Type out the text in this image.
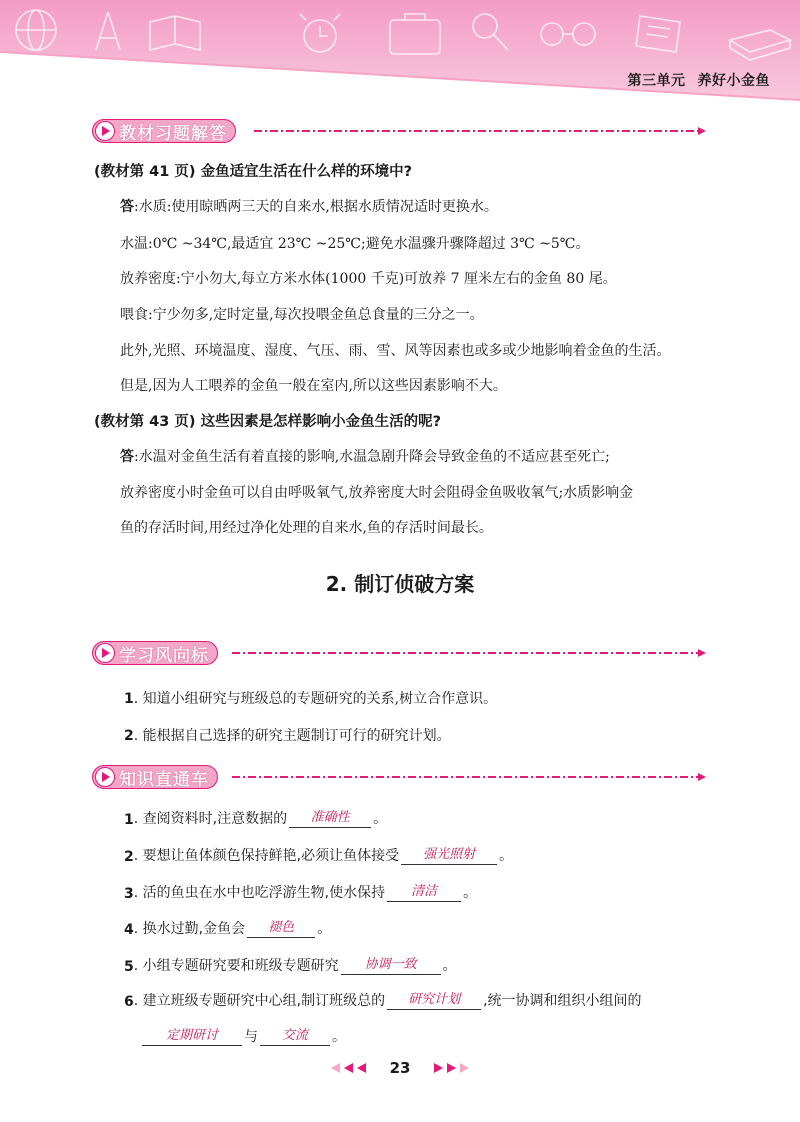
第三单元 养好小金鱼
教材习题解答
(教材第 41 页) 金鱼适宜生活在什么样的环境中?
答:水质:使用晾晒两三天的自来水,根据水质情况适时更换水。
水温:0℃ ~34℃,最适宜 23℃ ~25℃;避免水温骤升骤降超过 3℃ ~5℃。
放养密度:宁小勿大,每立方米水体(1000 千克)可放养 7 厘米左右的金鱼 80 尾。
喂食:宁少勿多,定时定量,每次投喂金鱼总食量的三分之一。
此外,光照、环境温度、湿度、气压、雨、雪、风等因素也或多或少地影响着金鱼的生活。
但是,因为人工喂养的金鱼一般在室内,所以这些因素影响不大。
(教材第 43 页) 这些因素是怎样影响小金鱼生活的呢?
答:水温对金鱼生活有着直接的影响,水温急剧升降会导致金鱼的不适应甚至死亡;
放养密度小时金鱼可以自由呼吸氧气,放养密度大时会阻碍金鱼吸收氧气;水质影响金
鱼的存活时间,用经过净化处理的自来水,鱼的存活时间最长。
2. 制订侦破方案
学习风向标
1. 知道小组研究与班级总的专题研究的关系,树立合作意识。
2. 能根据自己选择的研究主题制订可行的研究计划。
知识直通车
1 . 查阅资料时,注意数据的	准确性	。
2 . 要想让鱼体颜色保持鲜艳,必须让鱼体接受	强光照射	。
3 . 活的鱼虫在水中也吃浮游生物,使水保持	清洁	。
4 . 换水过勤,金鱼会	褪色	。
5 . 小组专题研究要和班级专题研究	协调一致	。
6 . 建立班级专题研究中心组,制订班级总的	研究计划	,统一协调和组织小组间的
定期研讨	与	交流	。
23
